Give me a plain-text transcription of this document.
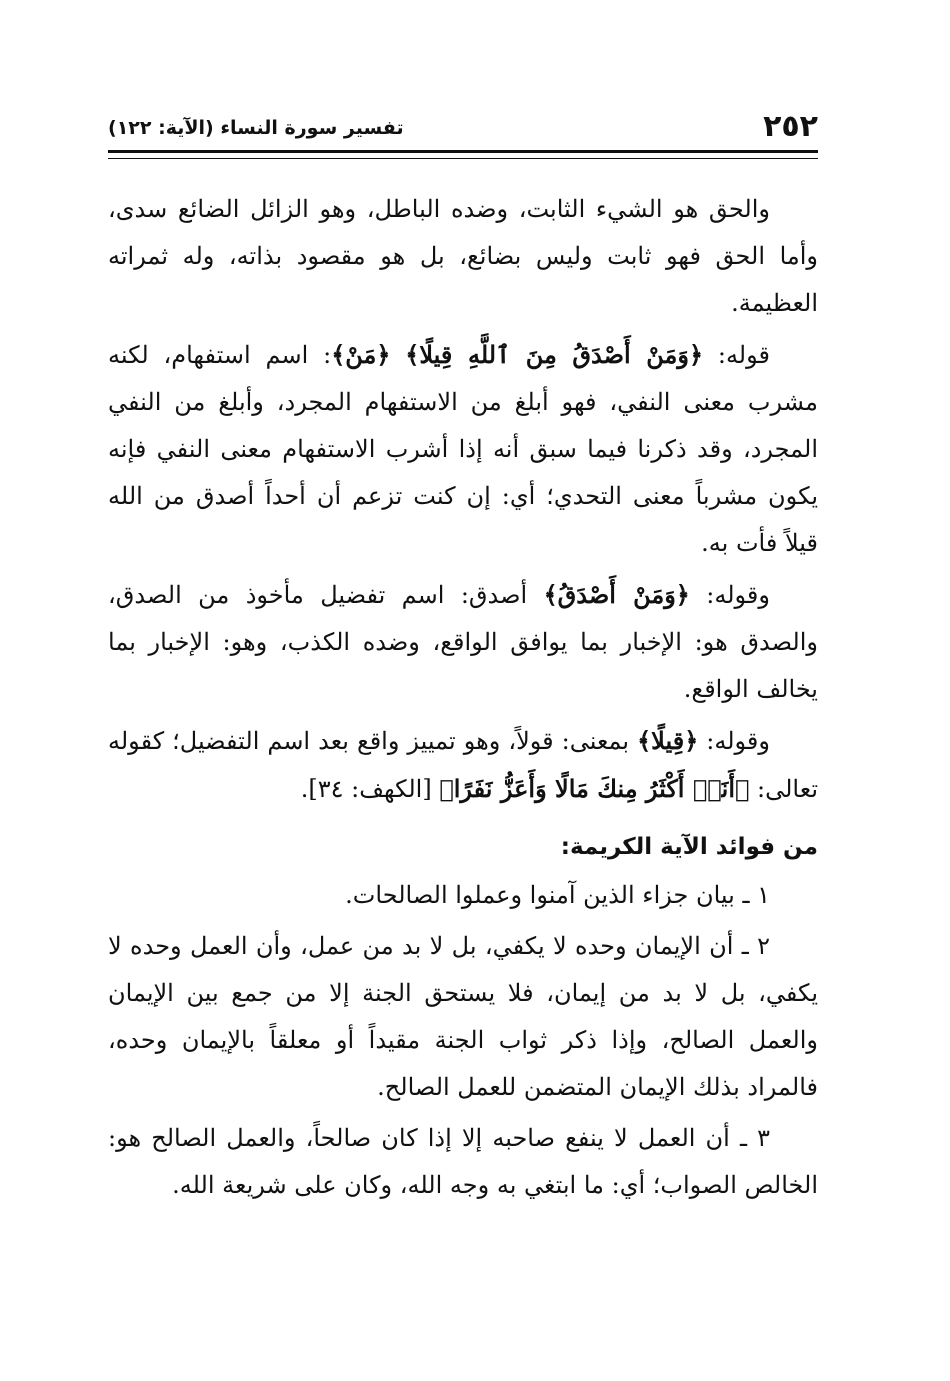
٢٥٢
تفسير سورة النساء (الآية: ١٢٢)

والحق هو الشيء الثابت، وضده الباطل، وهو الزائل الضائع سدى، وأما الحق فهو ثابت وليس بضائع، بل هو مقصود بذاته، وله ثمراته العظيمة.

قوله: ﴿وَمَنْ أَصْدَقُ مِنَ ٱللَّهِ قِيلًا﴾ ﴿مَنْ﴾: اسم استفهام، لكنه مشرب معنى النفي، فهو أبلغ من الاستفهام المجرد، وأبلغ من النفي المجرد، وقد ذكرنا فيما سبق أنه إذا أشرب الاستفهام معنى النفي فإنه يكون مشرباً معنى التحدي؛ أي: إن كنت تزعم أن أحداً أصدق من الله قيلاً فأت به.

وقوله: ﴿وَمَنْ أَصْدَقُ﴾ أصدق: اسم تفضيل مأخوذ من الصدق، والصدق هو: الإخبار بما يوافق الواقع، وضده الكذب، وهو: الإخبار بما يخالف الواقع.

وقوله: ﴿قِيلًا﴾ بمعنى: قولاً، وهو تمييز واقع بعد اسم التفضيل؛ كقوله تعالى: ﴿أَنَا۠ أَكْثَرُ مِنكَ مَالًا وَأَعَزُّ نَفَرًا﴾ [الكهف: ٣٤].

من فوائد الآية الكريمة:

١ ـ بيان جزاء الذين آمنوا وعملوا الصالحات.

٢ ـ أن الإيمان وحده لا يكفي، بل لا بد من عمل، وأن العمل وحده لا يكفي، بل لا بد من إيمان، فلا يستحق الجنة إلا من جمع بين الإيمان والعمل الصالح، وإذا ذكر ثواب الجنة مقيداً أو معلقاً بالإيمان وحده، فالمراد بذلك الإيمان المتضمن للعمل الصالح.

٣ ـ أن العمل لا ينفع صاحبه إلا إذا كان صالحاً، والعمل الصالح هو: الخالص الصواب؛ أي: ما ابتغي به وجه الله، وكان على شريعة الله.
